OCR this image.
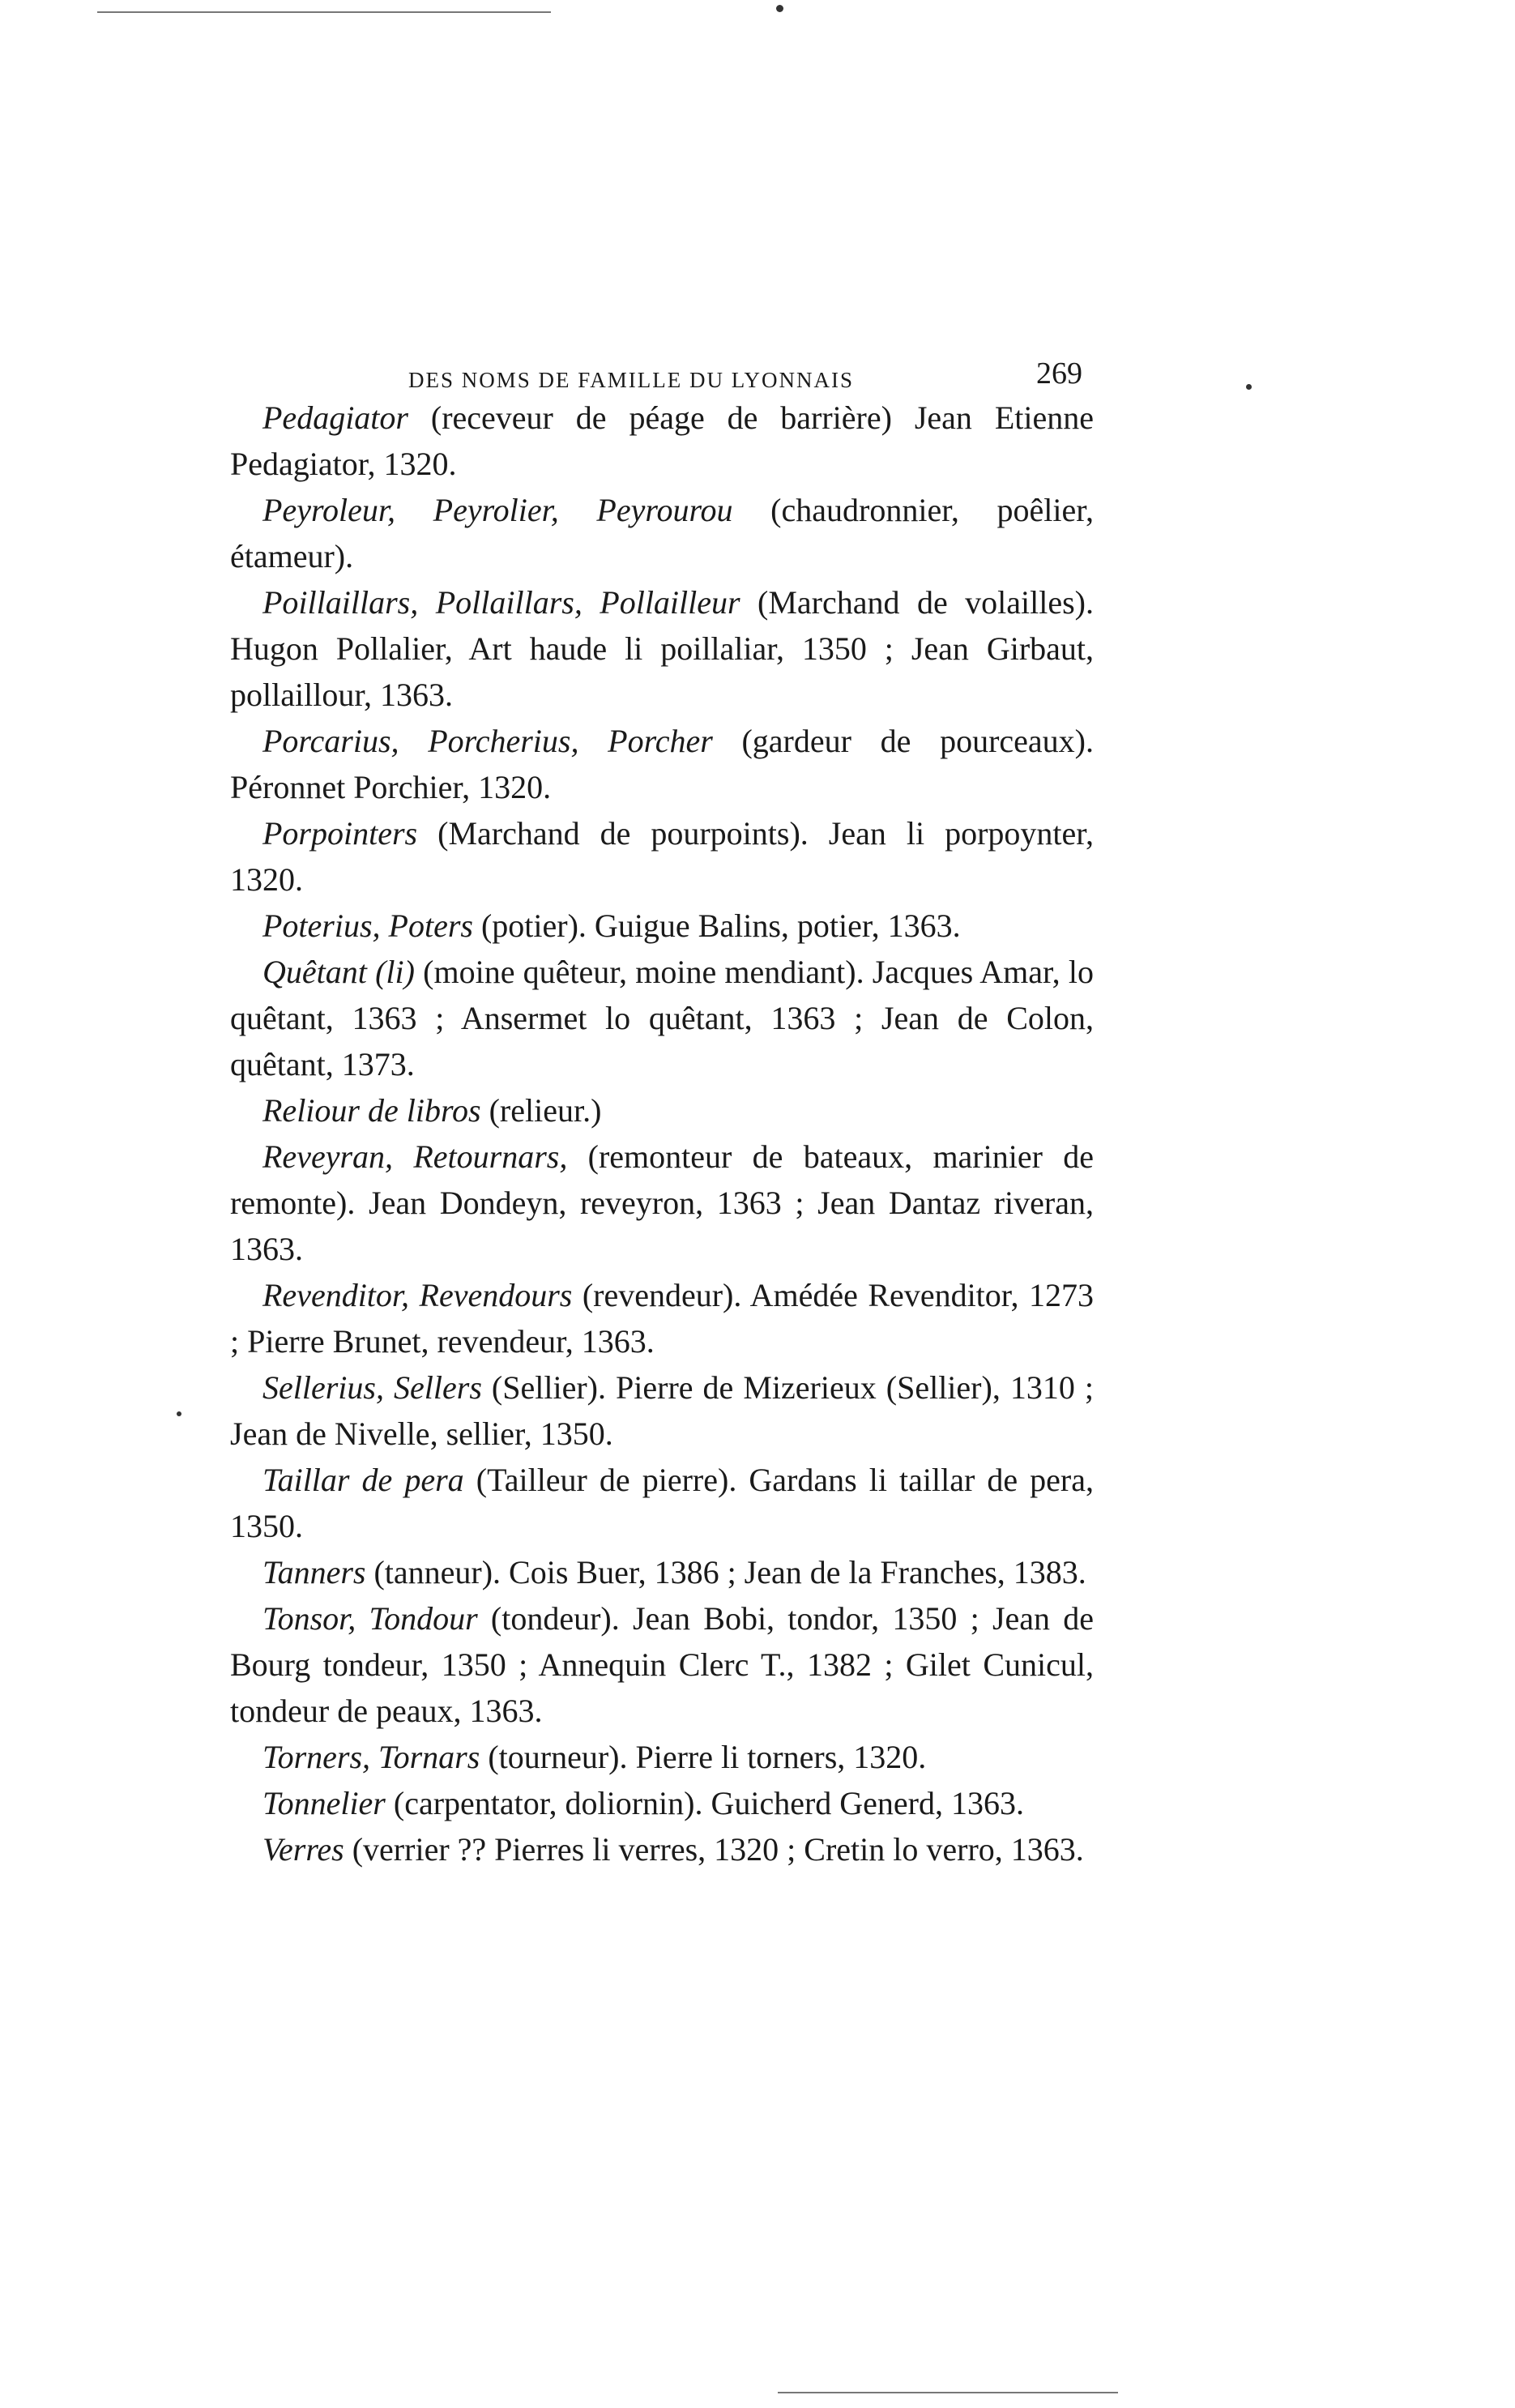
DES NOMS DE FAMILLE DU LYONNAIS	269

Pedagiator (receveur de péage de barrière) Jean Etienne Pedagiator, 1320.

Peyroleur, Peyrolier, Peyrourou (chaudronnier, poêlier, étameur).

Poillaillars, Pollaillars, Pollailleur (Marchand de volailles). Hugon Pollalier, Art haude li poillaliar, 1350 ; Jean Girbaut, pollaillour, 1363.

Porcarius, Porcherius, Porcher (gardeur de pourceaux). Péronnet Porchier, 1320.

Porpointers (Marchand de pourpoints). Jean li porpoynter, 1320.

Poterius, Poters (potier). Guigue Balins, potier, 1363.

Quêtant (li) (moine quêteur, moine mendiant). Jacques Amar, lo quêtant, 1363 ; Ansermet lo quêtant, 1363 ; Jean de Colon, quêtant, 1373.

Reliour de libros (relieur.)

Reveyran, Retournars, (remonteur de bateaux, marinier de remonte). Jean Dondeyn, reveyron, 1363 ; Jean Dantaz riveran, 1363.

Revenditor, Revendours (revendeur). Amédée Revenditor, 1273 ; Pierre Brunet, revendeur, 1363.

Sellerius, Sellers (Sellier). Pierre de Mizerieux (Sellier), 1310 ; Jean de Nivelle, sellier, 1350.

Taillar de pera (Tailleur de pierre). Gardans li taillar de pera, 1350.

Tanners (tanneur). Cois Buer, 1386 ; Jean de la Franches, 1383.

Tonsor, Tondour (tondeur). Jean Bobi, tondor, 1350 ; Jean de Bourg tondeur, 1350 ; Annequin Clerc T., 1382 ; Gilet Cunicul, tondeur de peaux, 1363.

Torners, Tornars (tourneur). Pierre li torners, 1320.

Tonnelier (carpentator, doliornin). Guicherd Generd, 1363.

Verres (verrier ?? Pierres li verres, 1320 ; Cretin lo verro, 1363.
